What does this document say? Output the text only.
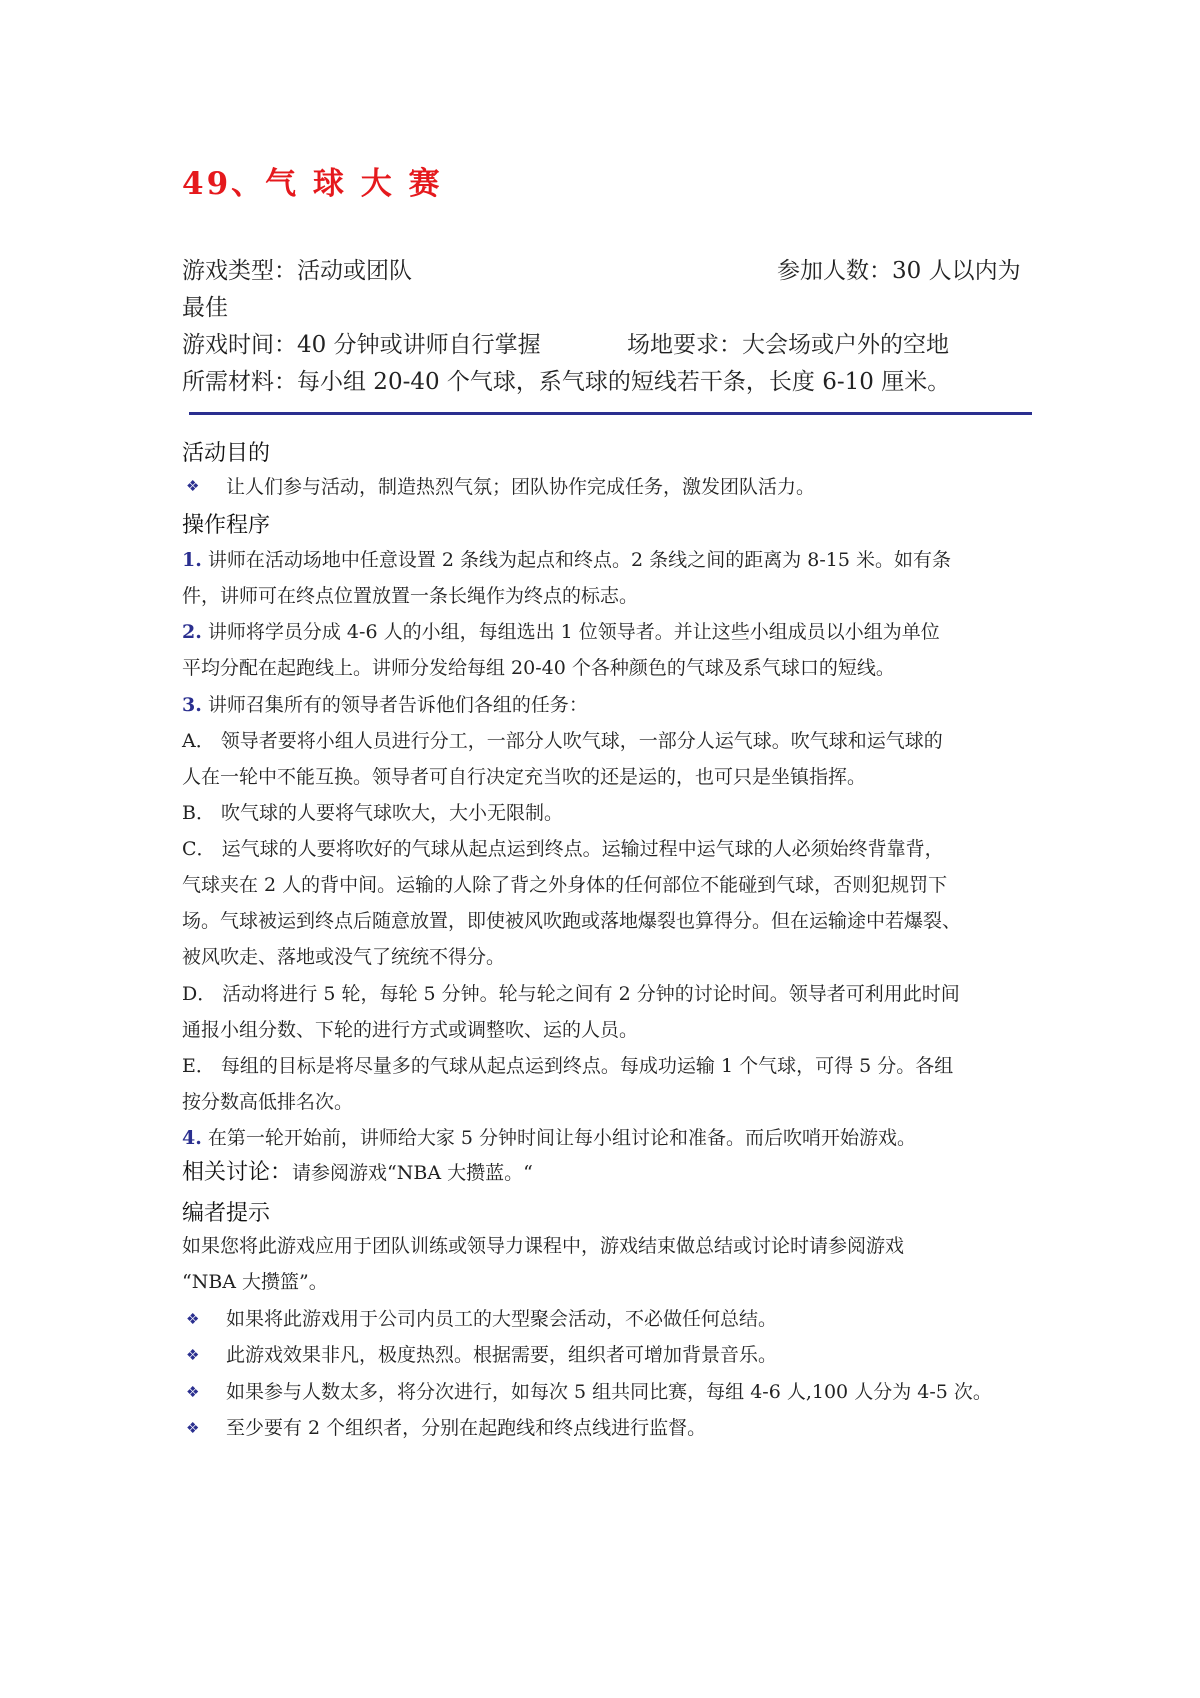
49、气 球 大 赛
游戏类型：活动或团队	参加人数：30 人以内为
最佳
游戏时间：40 分钟或讲师自行掌握	场地要求：大会场或户外的空地
所需材料：每小组 20-40 个气球，系气球的短线若干条，长度 6-10 厘米。
活动目的
❖ 让人们参与活动，制造热烈气氛；团队协作完成任务，激发团队活力。
操作程序
1. 讲师在活动场地中任意设置 2 条线为起点和终点。2 条线之间的距离为 8-15 米。如有条
件，讲师可在终点位置放置一条长绳作为终点的标志。
2. 讲师将学员分成 4-6 人的小组，每组选出 1 位领导者。并让这些小组成员以小组为单位
平均分配在起跑线上。讲师分发给每组 20-40 个各种颜色的气球及系气球口的短线。
3. 讲师召集所有的领导者告诉他们各组的任务：
A． 领导者要将小组人员进行分工，一部分人吹气球，一部分人运气球。吹气球和运气球的
人在一轮中不能互换。领导者可自行决定充当吹的还是运的，也可只是坐镇指挥。
B． 吹气球的人要将气球吹大，大小无限制。
C． 运气球的人要将吹好的气球从起点运到终点。运输过程中运气球的人必须始终背靠背，
气球夹在 2 人的背中间。运输的人除了背之外身体的任何部位不能碰到气球，否则犯规罚下
场。气球被运到终点后随意放置，即使被风吹跑或落地爆裂也算得分。但在运输途中若爆裂、
被风吹走、落地或没气了统统不得分。
D． 活动将进行 5 轮，每轮 5 分钟。轮与轮之间有 2 分钟的讨论时间。领导者可利用此时间
通报小组分数、下轮的进行方式或调整吹、运的人员。
E． 每组的目标是将尽量多的气球从起点运到终点。每成功运输 1 个气球，可得 5 分。各组
按分数高低排名次。
4. 在第一轮开始前，讲师给大家 5 分钟时间让每小组讨论和准备。而后吹哨开始游戏。
相关讨论：请参阅游戏“NBA 大攒蓝。“
编者提示
如果您将此游戏应用于团队训练或领导力课程中，游戏结束做总结或讨论时请参阅游戏
“NBA 大攒篮”。
❖ 如果将此游戏用于公司内员工的大型聚会活动，不必做任何总结。
❖ 此游戏效果非凡，极度热烈。根据需要，组织者可增加背景音乐。
❖ 如果参与人数太多，将分次进行，如每次 5 组共同比赛，每组 4-6 人,100 人分为 4-5 次。
❖ 至少要有 2 个组织者，分别在起跑线和终点线进行监督。
